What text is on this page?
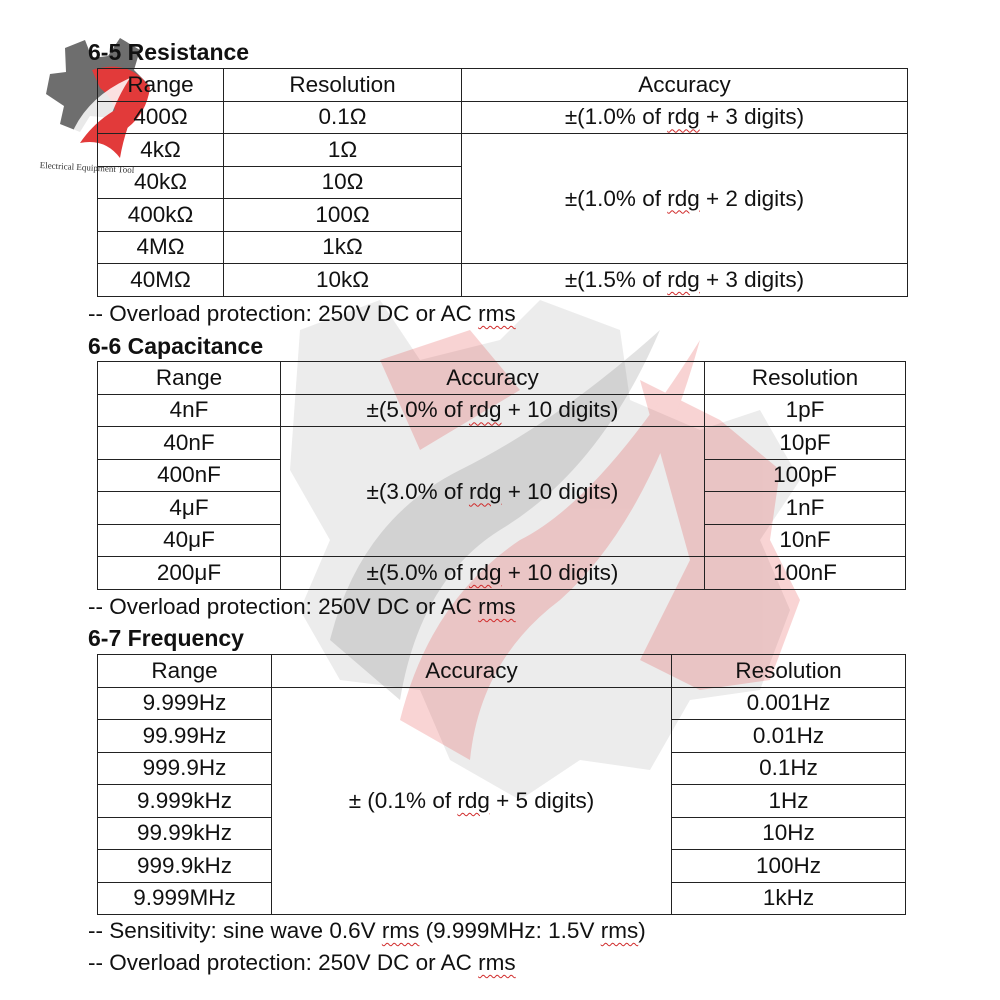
Electrical Equipment Tool
6-5 Resistance
Range	Resolution	Accuracy
400Ω	0.1Ω	±(1.0% of rdg + 3 digits)
4kΩ	1Ω	±(1.0% of rdg + 2 digits)
40kΩ	10Ω	
400kΩ	100Ω	
4MΩ	1kΩ	
40MΩ	10kΩ	±(1.5% of rdg + 3 digits)
-- Overload protection: 250V DC or AC rms
6-6 Capacitance
Range	Accuracy	Resolution
4nF	±(5.0% of rdg + 10 digits)	1pF
40nF	±(3.0% of rdg + 10 digits)	10pF
400nF		100pF
4μF		1nF
40μF		10nF
200μF	±(5.0% of rdg + 10 digits)	100nF
-- Overload protection: 250V DC or AC rms
6-7 Frequency
Range	Accuracy	Resolution
9.999Hz	± (0.1% of rdg + 5 digits)	0.001Hz
99.99Hz		0.01Hz
999.9Hz		0.1Hz
9.999kHz		1Hz
99.99kHz		10Hz
999.9kHz		100Hz
9.999MHz		1kHz
-- Sensitivity: sine wave 0.6V rms (9.999MHz: 1.5V rms)
-- Overload protection: 250V DC or AC rms
